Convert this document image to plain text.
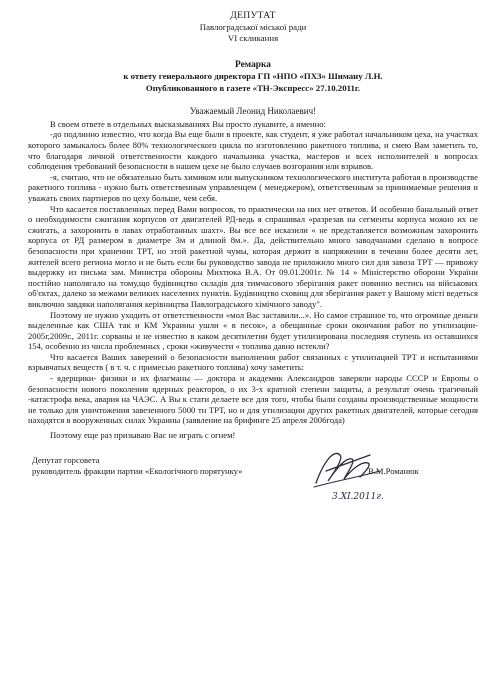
ДЕПУТАТ
Павлоградської міської ради
VI скликання
Ремарка
к ответу генерального директора ГП «НПО «ПХЗ» Шиману Л.Н.
Опубликованного в газете «ТН-Экспресс» 27.10.2011г.
Уважаемый Леонид Николаевич!

В своем ответе в отдельных высказываниях Вы просто лукавите, а именно:

-до подлинно известно, что когда Вы еще были в проекте, как студент, я уже работал начальником цеха, на участках которого замыкалось более 80% технологического цикла по изготовлению ракетного топлива, и смею Вам заметить то, что благодаря личной ответственности каждого начальника участка, мастеров и всех исполнителей в вопросах соблюдения требований безопасности в нашем цехе не было случаев возгорания или взрывов.

-я, считаю, что не обязательно быть химиком или выпускником технологического института работая в производстве ракетного топлива - нужно быть ответственным управленцем ( менеджером), ответственным за принимаемые решения и уважать своих партнеров по цеху больше, чем себя.

Что касается поставленных перед Вами вопросов, то практически на них нет ответов. И особенно банальный ответ о необходимости сжигания корпусов от двигателей РД-ведь я спрашивал «разрезав на сегменты корпуса можно их не сжигать, а захоронить в лавах отработанных шахт». Вы все все исказили « не представляется возможным захоронить корпуса от РД размером в диаметре 3м и длиной 8м.». Да, действительно много заводчанами сделано в вопросе безопасности при хранении ТРТ, но этой ракетной чумы, которая держит в напряжении в течении более десяти лет, жителей всего региона могло и не быть если бы руководство завода не приложило много сил для завоза ТРТ — привожу выдержку из письма зам. Министра обороны Михтюка В.А. От 09.01.2001г. № 14 » Міністерство оборони України постійно наполягало на тому,що будівництво складів для тимчасового зберігання ракет повинно вестись на військових об'єктах, далеко за межами великих населених пунктів. Будівництво сховищ для зберігання ракет у Вашому місті ведеться виключно завдяки наполягання керівництва Павлоградського хімічного заводу".

Поэтому не нужно уходить от ответственности «мол Вас заставили...». Но самое страшное то, что огромные деньги выделенные как США так и КМ Украины ушли « в песок», а обещанные сроки окончания работ по утилизации- 2005г,2009г., 2011г. сорваны и не известно в каком десятилетии будет утилизирована последняя ступень из оставшихся 154, особенно из числа проблемных , сроки «живучести « топлива давно истекли?

Что касается Ваших заверений о безопасности выполнения работ связанных с утилизацией ТРТ и испытаниями взрывчатых веществ ( в т. ч. с примесью ракетного топлива) хочу заметить:

- ядерщики- физики и их флагманы — доктора и академик Александров заверяли народы СССР и Европы о безопасности нового поколения ядерных реакторов, о их 3-х кратной степени защиты, а результат очень трагичный -катастрофа века, авария на ЧАЭС. А Вы к стати делаете все для того, чтобы были созданы производственные мощности не только для уничтожения завезенного 5000 тн ТРТ, но и для утилизации других ракетных двигателей, которые сегодня находятся в вооруженных силах Украины (заявление на брифинге 25 апреля 2006года)

Поэтому еще раз призываю Вас не играть с огнем!
Депутат горсовета
руководитель фракции партии «Екологічного порятунку»
3.XI.2011г.
В.М.Романюк
